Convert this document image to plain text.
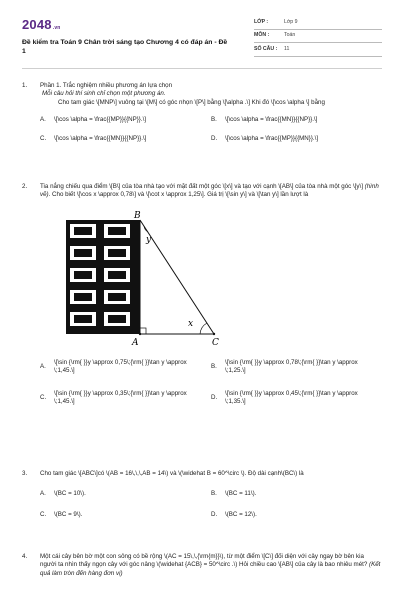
2048.vn
Đề kiểm tra Toán 9 Chân trời sáng tạo Chương 4 có đáp án - Đề 1
LỚP :	Lớp 9
MÔN :	Toán
SỐ CÂU :	11
1.	Phần 1. Trắc nghiệm nhiều phương án lựa chọn
Mỗi câu hỏi thí sinh chỉ chọn một phương án.
Cho tam giác \[MNP\] vuông tại \[M\] có góc nhọn \[P\] bằng \[\alpha .\] Khi đó \[\cos \alpha \] bằng
A.	\[\cos \alpha = \frac{{MP}}{{NP}}.\]	B.	\[\cos \alpha = \frac{{MN}}{{NP}}.\]
C.	\[\cos \alpha = \frac{{MN}}{{NP}}.\]	D.	\[\cos \alpha = \frac{{MP}}{{MN}}.\]
2.	Tia nắng chiếu qua điểm \[B\] của tòa nhà tạo với mặt đất một góc \[x\] và tạo với cạnh \[AB\] của tòa nhà một góc \[y\] (hình vẽ). Cho biết \[\cos x \approx 0,78\] và \[\cot x \approx 1,25\]. Giá trị \[\sin y\] và \[\tan y\] lần lượt là
B
A	C
x
y
A.
\[\sin {\rm{ }}y \approx 0,75\;{\rm{ }}\tan y \approx \;1,45.\]
B.
\[\sin {\rm{ }}y \approx 0,78\;{\rm{ }}\tan y \approx \;1,25.\]
C.
\[\sin {\rm{ }}y \approx 0,35\;{\rm{ }}\tan y \approx \;1,45.\]
D.
\[\sin {\rm{ }}y \approx 0,45\;{\rm{ }}\tan y \approx \;1,35.\]
3.	Cho tam giác \[ABC\]có \(AB = 16\,\,\,AB = 14\) và \(\widehat B = 60^\circ \). Độ dài cạnh\(BC\) là
A.	\(BC = 10\).	B.	\(BC = 11\).
C.	\(BC = 9\).	D.	\(BC = 12\).
4.	Một cái cây bên bờ một con sông có bề rộng \(AC = 15\,\,{\rm{m}}\), từ một điểm \[C\] đối diện với cây ngay bờ bên kia người ta nhìn thấy ngọn cây với góc nâng \(\widehat {ACB} = 50^\circ .\) Hỏi chiều cao \[AB\] của cây là bao nhiêu mét? (Kết quả làm tròn đến hàng đơn vị)
